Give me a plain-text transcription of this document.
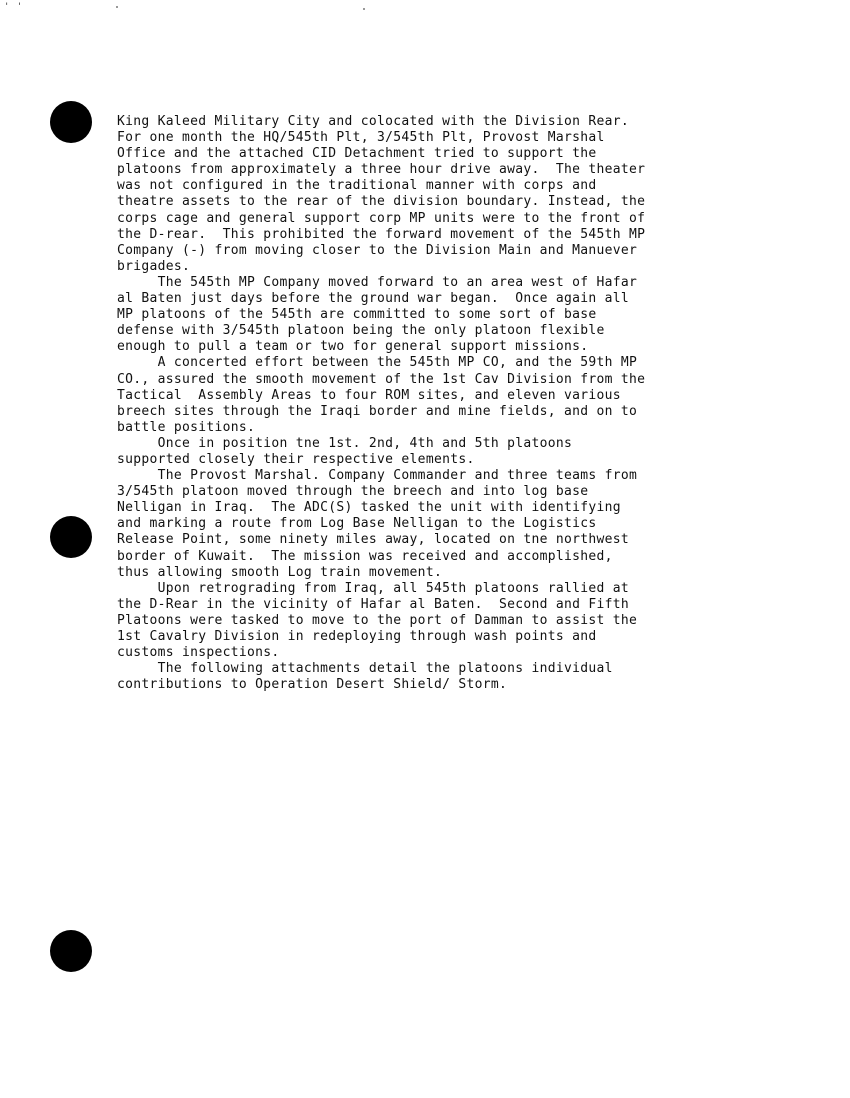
' '
King Kaleed Military City and colocated with the Division Rear.
For one month the HQ/545th Plt, 3/545th Plt, Provost Marshal
Office and the attached CID Detachment tried to support the
platoons from approximately a three hour drive away.  The theater
was not configured in the traditional manner with corps and
theatre assets to the rear of the division boundary. Instead, the
corps cage and general support corp MP units were to the front of
the D-rear.  This prohibited the forward movement of the 545th MP
Company (-) from moving closer to the Division Main and Manuever
brigades.
The 545th MP Company moved forward to an area west of Hafar
al Baten just days before the ground war began.  Once again all
MP platoons of the 545th are committed to some sort of base
defense with 3/545th platoon being the only platoon flexible
enough to pull a team or two for general support missions.
A concerted effort between the 545th MP CO, and the 59th MP
CO., assured the smooth movement of the 1st Cav Division from the
Tactical  Assembly Areas to four ROM sites, and eleven various
breech sites through the Iraqi border and mine fields, and on to
battle positions.
Once in position tne 1st. 2nd, 4th and 5th platoons
supported closely their respective elements.
The Provost Marshal. Company Commander and three teams from
3/545th platoon moved through the breech and into log base
Nelligan in Iraq.  The ADC(S) tasked the unit with identifying
and marking a route from Log Base Nelligan to the Logistics
Release Point, some ninety miles away, located on tne northwest
border of Kuwait.  The mission was received and accomplished,
thus allowing smooth Log train movement.
Upon retrograding from Iraq, all 545th platoons rallied at
the D-Rear in the vicinity of Hafar al Baten.  Second and Fifth
Platoons were tasked to move to the port of Damman to assist the
1st Cavalry Division in redeploying through wash points and
customs inspections.
The following attachments detail the platoons individual
contributions to Operation Desert Shield/ Storm.
